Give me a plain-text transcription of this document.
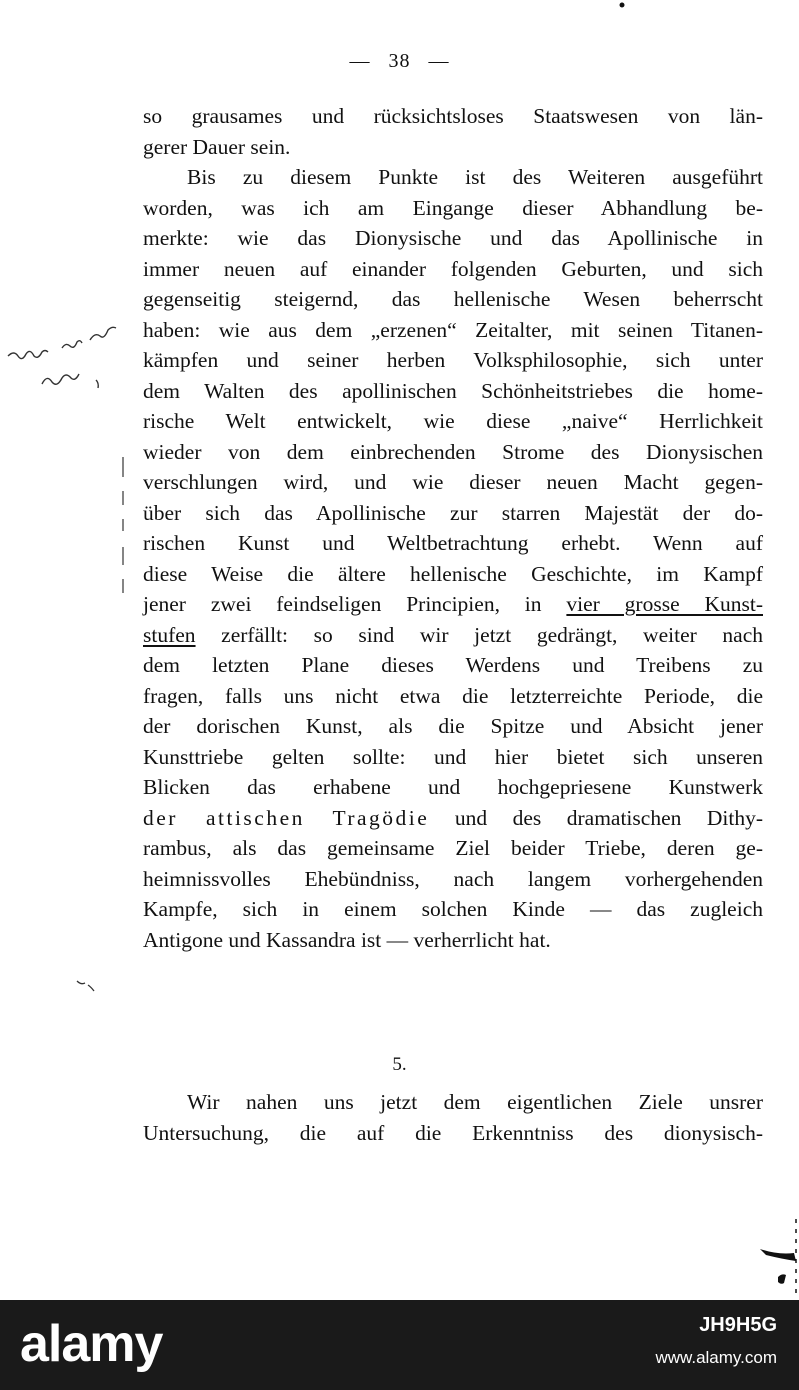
— 38 —
so grausames und rücksichtsloses Staatswesen von län-
gerer Dauer sein.
Bis zu diesem Punkte ist des Weiteren ausgeführt
worden, was ich am Eingange dieser Abhandlung be-
merkte: wie das Dionysische und das Apollinische in
immer neuen auf einander folgenden Geburten, und sich
gegenseitig steigernd, das hellenische Wesen beherrscht
haben: wie aus dem „erzenen“ Zeitalter, mit seinen Titanen-
kämpfen und seiner herben Volksphilosophie, sich unter
dem Walten des apollinischen Schönheitstriebes die home-
rische Welt entwickelt, wie diese „naive“ Herrlichkeit
wieder von dem einbrechenden Strome des Dionysischen
verschlungen wird, und wie dieser neuen Macht gegen-
über sich das Apollinische zur starren Majestät der do-
rischen Kunst und Weltbetrachtung erhebt. Wenn auf
diese Weise die ältere hellenische Geschichte, im Kampf
jener zwei feindseligen Principien, in vier grosse Kunst-
stufen zerfällt: so sind wir jetzt gedrängt, weiter nach
dem letzten Plane dieses Werdens und Treibens zu
fragen, falls uns nicht etwa die letzterreichte Periode, die
der dorischen Kunst, als die Spitze und Absicht jener
Kunsttriebe gelten sollte: und hier bietet sich unseren
Blicken das erhabene und hochgepriesene Kunstwerk
der attischen Tragödie und des dramatischen Dithy-
rambus, als das gemeinsame Ziel beider Triebe, deren ge-
heimnissvolles Ehebündniss, nach langem vorhergehenden
Kampfe, sich in einem solchen Kinde — das zugleich
Antigone und Kassandra ist — verherrlicht hat.
5.
Wir nahen uns jetzt dem eigentlichen Ziele unsrer
Untersuchung, die auf die Erkenntniss des dionysisch-
alamy	JH9H5G
www.alamy.com
